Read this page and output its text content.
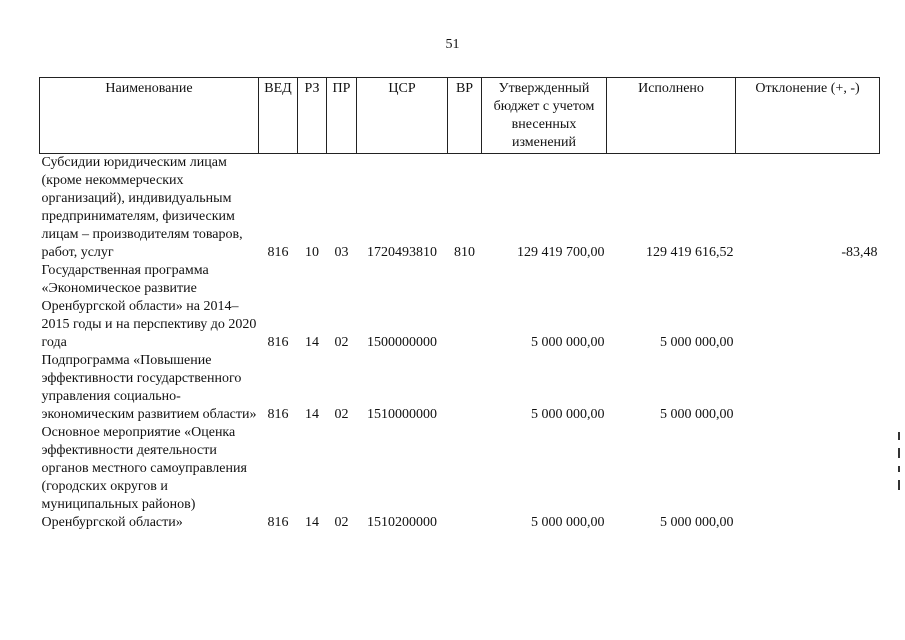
51
Наименование	ВЕД	РЗ	ПР	ЦСР	ВР	Утвержденный бюджет с учетом внесенных изменений	Исполнено	Отклонение (+, -)
Субсидии юридическим лицам (кроме некоммерческих организаций), индивидуальным предпринимателям, физическим лицам – производителям товаров, работ, услуг	816	10	03	1720493810	810	129 419 700,00	129 419 616,52	-83,48
Государственная программа «Экономическое развитие Оренбургской области» на 2014–2015 годы и на перспективу до 2020 года	816	14	02	1500000000		5 000 000,00	5 000 000,00	
Подпрограмма «Повышение эффективности государственного управления социально-экономическим развитием области»	816	14	02	1510000000		5 000 000,00	5 000 000,00	
Основное мероприятие «Оценка эффективности деятельности органов местного самоуправления (городских округов и муниципальных районов) Оренбургской области»	816	14	02	1510200000		5 000 000,00	5 000 000,00	
